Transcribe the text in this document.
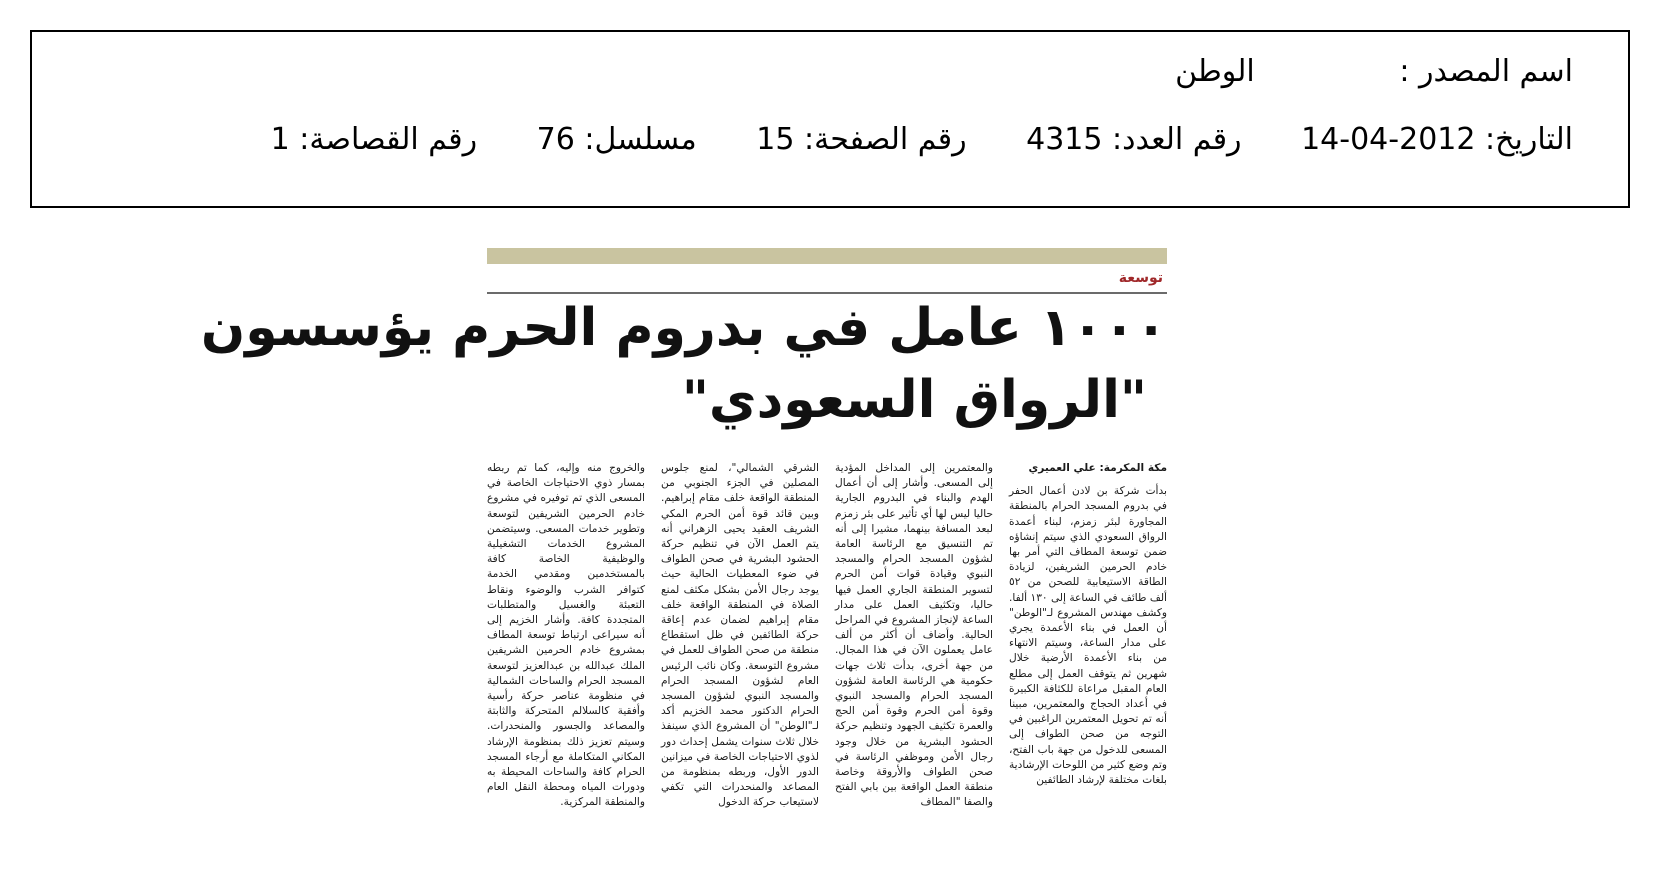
اسم المصدر : الوطن
التاريخ: 2012-04-14 رقم العدد: 4315 رقم الصفحة: 15 مسلسل: 76 رقم القصاصة: 1
توسعة
١٠٠٠ عامل في بدروم الحرم يؤسسون
"الرواق السعودي"
مكة المكرمة: علي العميري
بدأت شركة بن لادن أعمال الحفر في بدروم المسجد الحرام بالمنطقة المجاورة لبئر زمزم، لبناء أعمدة الرواق السعودي الذي سيتم إنشاؤه ضمن توسعة المطاف التي أمر بها خادم الحرمين الشريفين، لزيادة الطاقة الاستيعابية للصحن من ٥٢ ألف طائف في الساعة إلى ١٣٠ ألفا. وكشف مهندس المشروع لـ"الوطن" أن العمل في بناء الأعمدة يجري على مدار الساعة، وسيتم الانتهاء من بناء الأعمدة الأرضية خلال شهرين ثم يتوقف العمل إلى مطلع العام المقبل مراعاة للكثافة الكبيرة في أعداد الحجاج والمعتمرين، مبينا أنه تم تحويل المعتمرين الراغبين في التوجه من صحن الطواف إلى المسعى للدخول من جهة باب الفتح، وتم وضع كثير من اللوحات الإرشادية بلغات مختلفة لإرشاد الطائفين
والمعتمرين إلى المداخل المؤدية إلى المسعى. وأشار إلى أن أعمال الهدم والبناء في البدروم الجارية حاليا ليس لها أي تأثير على بئر زمزم لبعد المسافة بينهما، مشيرا إلى أنه تم التنسيق مع الرئاسة العامة لشؤون المسجد الحرام والمسجد النبوي وقيادة قوات أمن الحرم لتسوير المنطقة الجاري العمل فيها حاليا، وتكثيف العمل على مدار الساعة لإنجاز المشروع في المراحل الحالية. وأضاف أن أكثر من ألف عامل يعملون الآن في هذا المجال. من جهة أخرى، بدأت ثلاث جهات حكومية هي الرئاسة العامة لشؤون المسجد الحرام والمسجد النبوي وقوة أمن الحرم وقوة أمن الحج والعمرة تكثيف الجهود وتنظيم حركة الحشود البشرية من خلال وجود رجال الأمن وموظفي الرئاسة في صحن الطواف والأروقة وخاصة منطقة العمل الواقعة بين بابي الفتح والصفا "المطاف
الشرقي الشمالي"، لمنع جلوس المصلين في الجزء الجنوبي من المنطقة الواقعة خلف مقام إبراهيم. وبين قائد قوة أمن الحرم المكي الشريف العقيد يحيى الزهراني أنه يتم العمل الآن في تنظيم حركة الحشود البشرية في صحن الطواف في ضوء المعطيات الحالية حيث يوجد رجال الأمن بشكل مكثف لمنع الصلاة في المنطقة الواقعة خلف مقام إبراهيم لضمان عدم إعاقة حركة الطائفين في ظل استقطاع منطقة من صحن الطواف للعمل في مشروع التوسعة. وكان نائب الرئيس العام لشؤون المسجد الحرام والمسجد النبوي لشؤون المسجد الحرام الدكتور محمد الخزيم أكد لـ"الوطن" أن المشروع الذي سينفذ خلال ثلاث سنوات يشمل إحداث دور لذوي الاحتياجات الخاصة في ميزانين الدور الأول، وربطه بمنظومة من المصاعد والمنحدرات التي تكفي لاستيعاب حركة الدخول
والخروج منه وإليه، كما تم ربطه بمسار ذوي الاحتياجات الخاصة في المسعى الذي تم توفيره في مشروع خادم الحرمين الشريفين لتوسعة وتطوير خدمات المسعى. وسيتضمن المشروع الخدمات التشغيلية والوظيفية الخاصة كافة بالمستخدمين ومقدمي الخدمة كتوافر الشرب والوضوء ونقاط التعبئة والغسيل والمتطلبات المتجددة كافة. وأشار الخزيم إلى أنه سيراعى ارتباط توسعة المطاف بمشروع خادم الحرمين الشريفين الملك عبدالله بن عبدالعزيز لتوسعة المسجد الحرام والساحات الشمالية في منظومة عناصر حركة رأسية وأفقية كالسلالم المتحركة والثابتة والمصاعد والجسور والمنحدرات. وسيتم تعزيز ذلك بمنظومة الإرشاد المكاني المتكاملة مع أرجاء المسجد الحرام كافة والساحات المحيطة به ودورات المياه ومحطة النقل العام والمنطقة المركزية.
